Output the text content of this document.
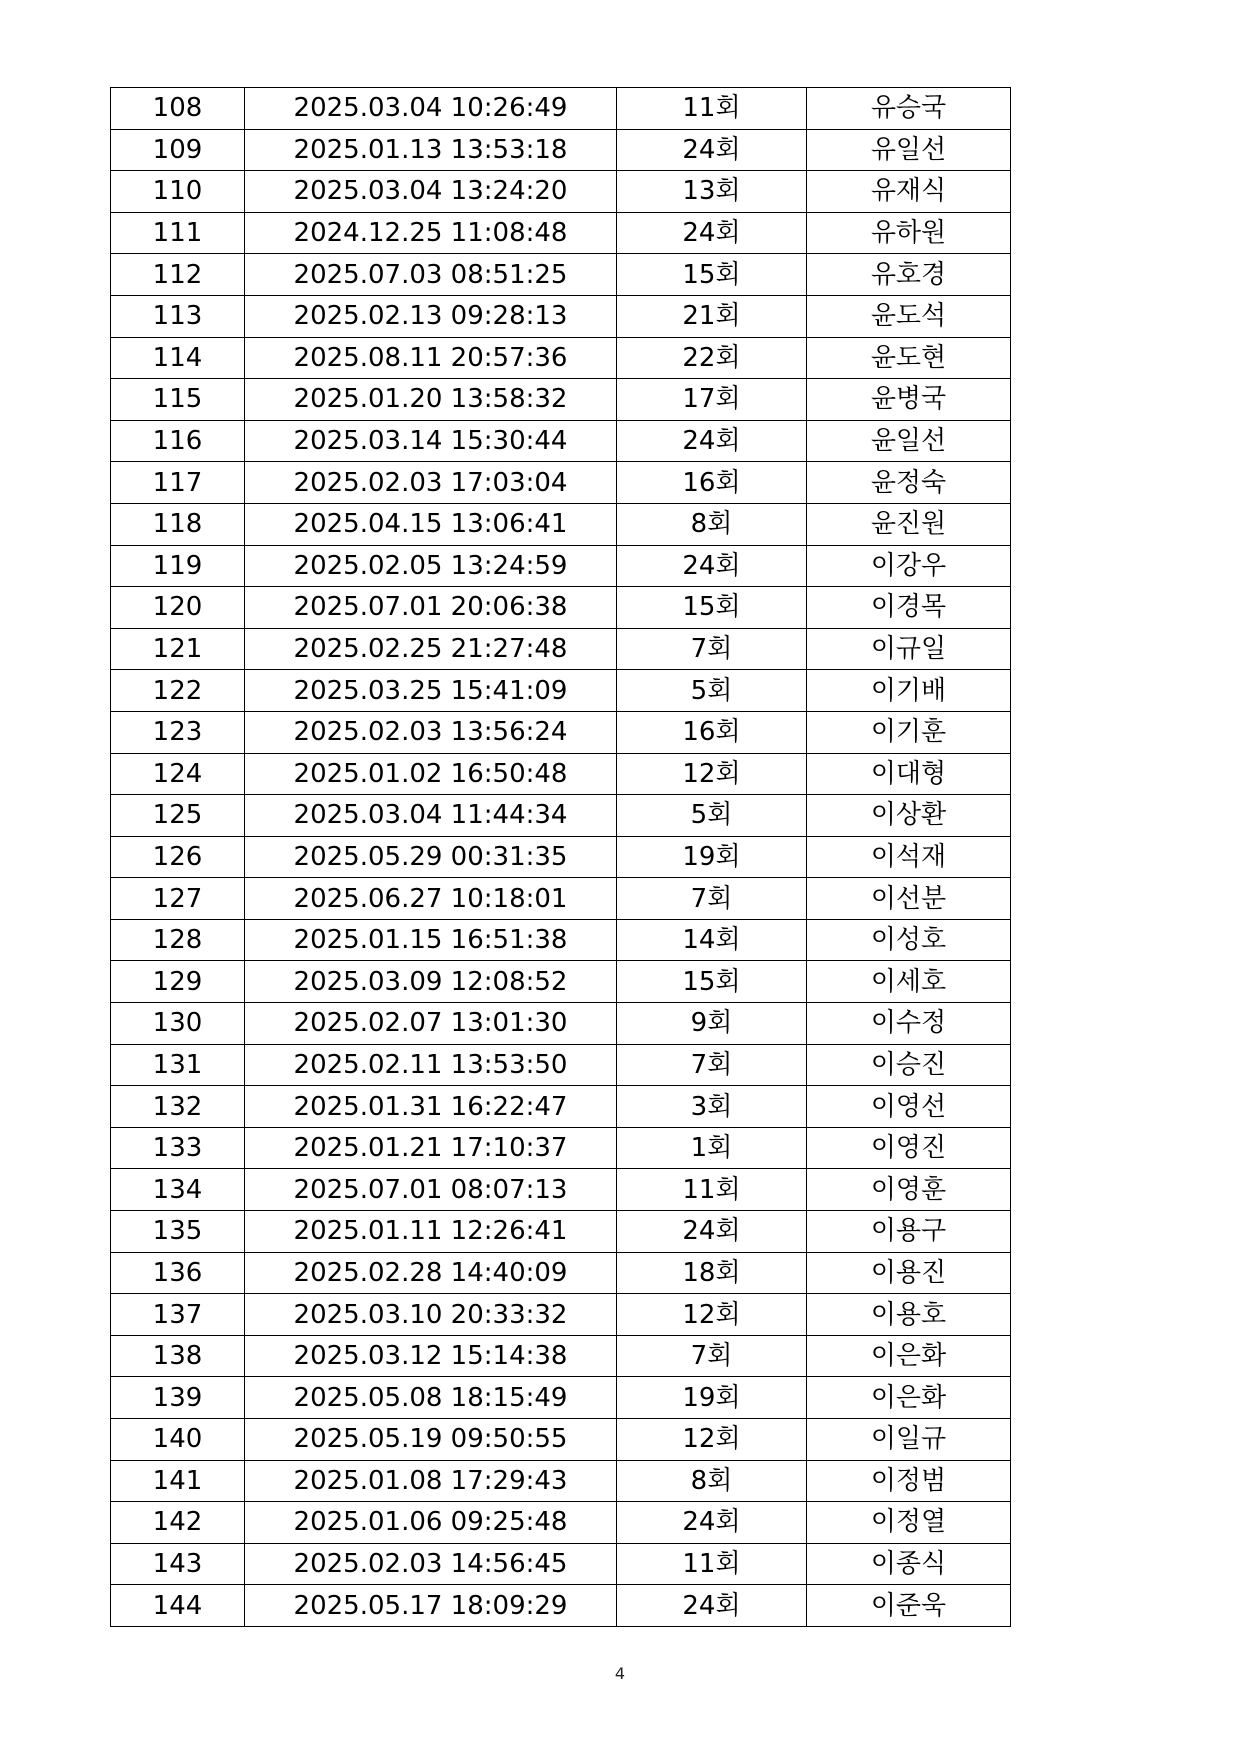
108	2025.03.04 10:26:49	11회	유승국
109	2025.01.13 13:53:18	24회	유일선
110	2025.03.04 13:24:20	13회	유재식
111	2024.12.25 11:08:48	24회	유하원
112	2025.07.03 08:51:25	15회	유호경
113	2025.02.13 09:28:13	21회	윤도석
114	2025.08.11 20:57:36	22회	윤도현
115	2025.01.20 13:58:32	17회	윤병국
116	2025.03.14 15:30:44	24회	윤일선
117	2025.02.03 17:03:04	16회	윤정숙
118	2025.04.15 13:06:41	8회	윤진원
119	2025.02.05 13:24:59	24회	이강우
120	2025.07.01 20:06:38	15회	이경목
121	2025.02.25 21:27:48	7회	이규일
122	2025.03.25 15:41:09	5회	이기배
123	2025.02.03 13:56:24	16회	이기훈
124	2025.01.02 16:50:48	12회	이대형
125	2025.03.04 11:44:34	5회	이상환
126	2025.05.29 00:31:35	19회	이석재
127	2025.06.27 10:18:01	7회	이선분
128	2025.01.15 16:51:38	14회	이성호
129	2025.03.09 12:08:52	15회	이세호
130	2025.02.07 13:01:30	9회	이수정
131	2025.02.11 13:53:50	7회	이승진
132	2025.01.31 16:22:47	3회	이영선
133	2025.01.21 17:10:37	1회	이영진
134	2025.07.01 08:07:13	11회	이영훈
135	2025.01.11 12:26:41	24회	이용구
136	2025.02.28 14:40:09	18회	이용진
137	2025.03.10 20:33:32	12회	이용호
138	2025.03.12 15:14:38	7회	이은화
139	2025.05.08 18:15:49	19회	이은화
140	2025.05.19 09:50:55	12회	이일규
141	2025.01.08 17:29:43	8회	이정범
142	2025.01.06 09:25:48	24회	이정열
143	2025.02.03 14:56:45	11회	이종식
144	2025.05.17 18:09:29	24회	이준욱
4
